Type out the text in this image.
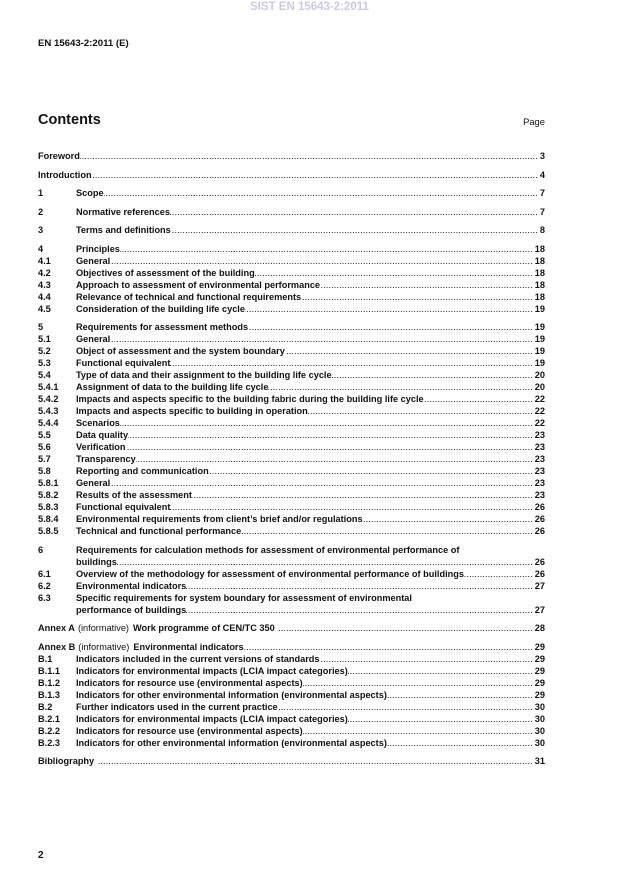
SIST EN 15643-2:2011
EN 15643-2:2011 (E)
Contents	Page
Foreword .....	3
Introduction .....	4
1	Scope .....	7
2	Normative references .....	7
3	Terms and definitions .....	8
4	Principles .....	18
4.1	General .....	18
4.2	Objectives of assessment of the building .....	18
4.3	Approach to assessment of environmental performance .....	18
4.4	Relevance of technical and functional requirements .....	18
4.5	Consideration of the building life cycle .....	19
5	Requirements for assessment methods .....	19
5.1	General .....	19
5.2	Object of assessment and the system boundary .....	19
5.3	Functional equivalent .....	19
5.4	Type of data and their assignment to the building life cycle .....	20
5.4.1	Assignment of data to the building life cycle .....	20
5.4.2	Impacts and aspects specific to the building fabric during the building life cycle .....	22
5.4.3	Impacts and aspects specific to building in operation .....	22
5.4.4	Scenarios .....	22
5.5	Data quality .....	23
5.6	Verification .....	23
5.7	Transparency .....	23
5.8	Reporting and communication .....	23
5.8.1	General .....	23
5.8.2	Results of the assessment .....	23
5.8.3	Functional equivalent .....	26
5.8.4	Environmental requirements from client’s brief and/or regulations .....	26
5.8.5	Technical and functional performance .....	26
6	Requirements for calculation methods for assessment of environmental performance of
buildings .....	26
6.1	Overview of the methodology for assessment of environmental performance of buildings .....	26
6.2	Environmental indicators .....	27
6.3	Specific requirements for system boundary for assessment of environmental
performance of buildings .....	27
Annex A (informative) Work programme of CEN/TC 350 .....	28
Annex B (informative) Environmental indicators .....	29
B.1	Indicators included in the current versions of standards .....	29
B.1.1	Indicators for environmental impacts (LCIA impact categories) .....	29
B.1.2	Indicators for resource use (environmental aspects) .....	29
B.1.3	Indicators for other environmental information (environmental aspects) .....	29
B.2	Further indicators used in the current practice .....	30
B.2.1	Indicators for environmental impacts (LCIA impact categories) .....	30
B.2.2	Indicators for resource use (environmental aspects) .....	30
B.2.3	Indicators for other environmental information (environmental aspects) .....	30
Bibliography .....	31
2
